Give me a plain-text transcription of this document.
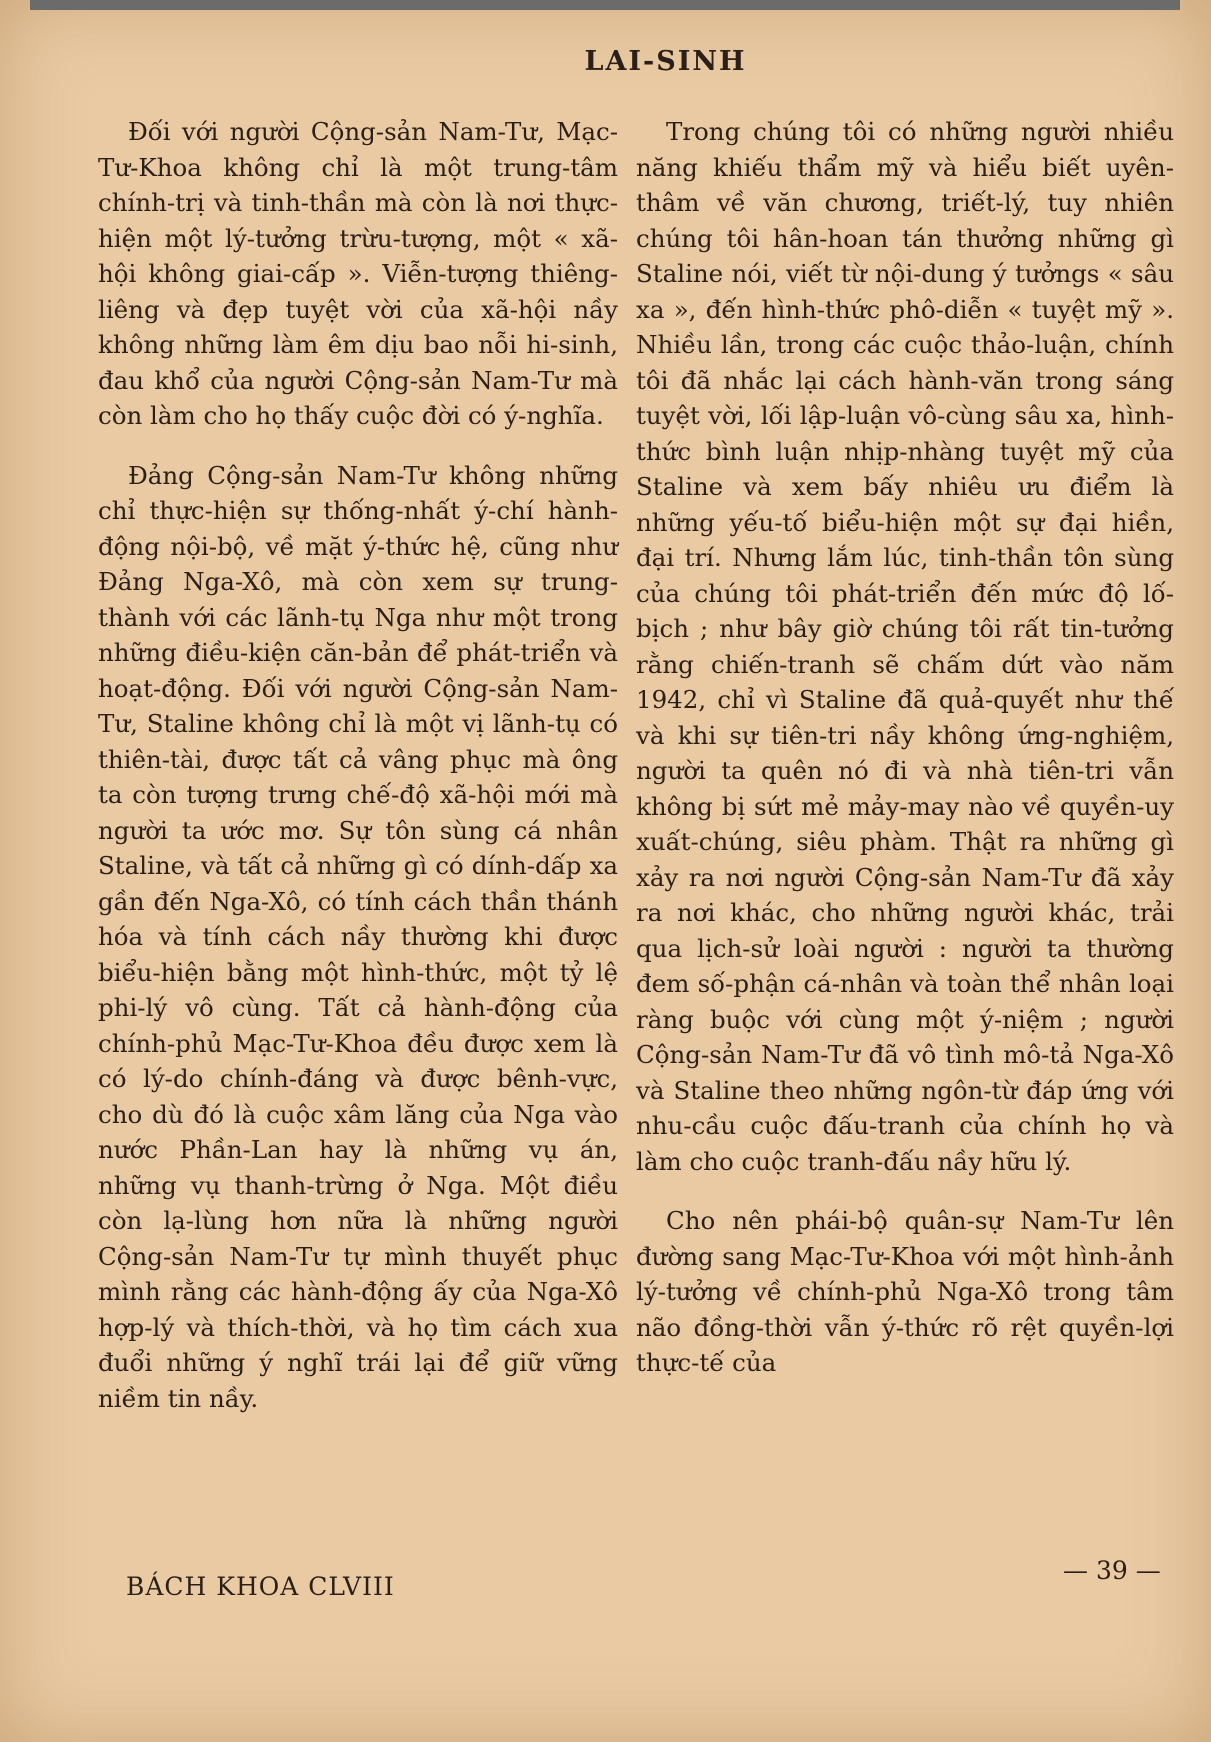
LAI-SINH

Đối với người Cộng-sản Nam-Tư, Mạc-Tư-Khoa không chỉ là một trung-tâm chính-trị và tinh-thần mà còn là nơi thực-hiện một lý-tưởng trừu-tượng, một « xã-hội không giai-cấp ». Viễn-tượng thiêng-liêng và đẹp tuyệt vời của xã-hội nầy không những làm êm dịu bao nỗi hi-sinh, đau khổ của người Cộng-sản Nam-Tư mà còn làm cho họ thấy cuộc đời có ý-nghĩa.

Đảng Cộng-sản Nam-Tư không những chỉ thực-hiện sự thống-nhất ý-chí hành-động nội-bộ, về mặt ý-thức hệ, cũng như Đảng Nga-Xô, mà còn xem sự trung-thành với các lãnh-tụ Nga như một trong những điều-kiện căn-bản để phát-triển và hoạt-động. Đối với người Cộng-sản Nam-Tư, Staline không chỉ là một vị lãnh-tụ có thiên-tài, được tất cả vâng phục mà ông ta còn tượng trưng chế-độ xã-hội mới mà người ta ước mơ. Sự tôn sùng cá nhân Staline, và tất cả những gì có dính-dấp xa gần đến Nga-Xô, có tính cách thần thánh hóa và tính cách nầy thường khi được biểu-hiện bằng một hình-thức, một tỷ lệ phi-lý vô cùng. Tất cả hành-động của chính-phủ Mạc-Tư-Khoa đều được xem là có lý-do chính-đáng và được bênh-vực, cho dù đó là cuộc xâm lăng của Nga vào nước Phần-Lan hay là những vụ án, những vụ thanh-trừng ở Nga. Một điều còn lạ-lùng hơn nữa là những người Cộng-sản Nam-Tư tự mình thuyết phục mình rằng các hành-động ấy của Nga-Xô hợp-lý và thích-thời, và họ tìm cách xua đuổi những ý nghĩ trái lại để giữ vững niềm tin nầy.

Trong chúng tôi có những người nhiều năng khiếu thẩm mỹ và hiểu biết uyên-thâm về văn chương, triết-lý, tuy nhiên chúng tôi hân-hoan tán thưởng những gì Staline nói, viết từ nội-dung ý tưởngs « sâu xa », đến hình-thức phô-diễn « tuyệt mỹ ». Nhiều lần, trong các cuộc thảo-luận, chính tôi đã nhắc lại cách hành-văn trong sáng tuyệt vời, lối lập-luận vô-cùng sâu xa, hình-thức bình luận nhịp-nhàng tuyệt mỹ của Staline và xem bấy nhiêu ưu điểm là những yếu-tố biểu-hiện một sự đại hiền, đại trí. Nhưng lắm lúc, tinh-thần tôn sùng của chúng tôi phát-triển đến mức độ lố-bịch ; như bây giờ chúng tôi rất tin-tưởng rằng chiến-tranh sẽ chấm dứt vào năm 1942, chỉ vì Staline đã quả-quyết như thế và khi sự tiên-tri nầy không ứng-nghiệm, người ta quên nó đi và nhà tiên-tri vẫn không bị sứt mẻ mảy-may nào về quyền-uy xuất-chúng, siêu phàm. Thật ra những gì xảy ra nơi người Cộng-sản Nam-Tư đã xảy ra nơi khác, cho những người khác, trải qua lịch-sử loài người : người ta thường đem số-phận cá-nhân và toàn thể nhân loại ràng buộc với cùng một ý-niệm ; người Cộng-sản Nam-Tư đã vô tình mô-tả Nga-Xô và Staline theo những ngôn-từ đáp ứng với nhu-cầu cuộc đấu-tranh của chính họ và làm cho cuộc tranh-đấu nầy hữu lý.

Cho nên phái-bộ quân-sự Nam-Tư lên đường sang Mạc-Tư-Khoa với một hình-ảnh lý-tưởng về chính-phủ Nga-Xô trong tâm não đồng-thời vẫn ý-thức rõ rệt quyền-lợi thực-tế của

BÁCH KHOA CLVIII
— 39 —
